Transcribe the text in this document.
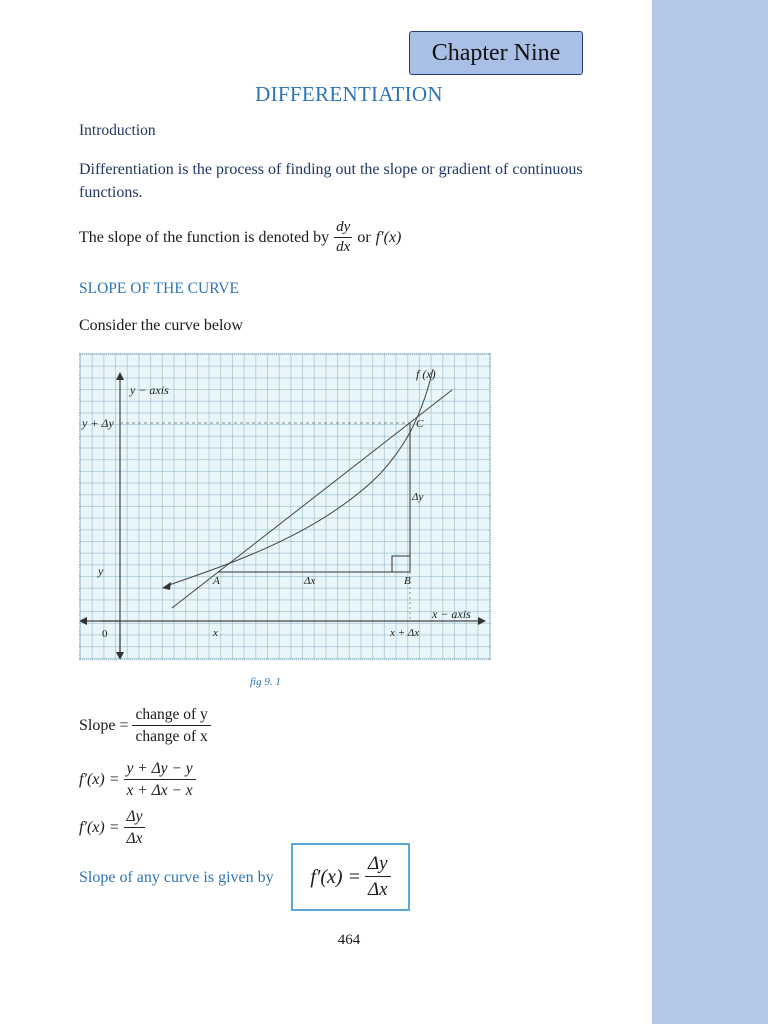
Chapter Nine
DIFFERENTIATION
Introduction
Differentiation is the process of finding out the slope or gradient of continuous functions.
The slope of the function is denoted by $\frac{dy}{dx}$ or f′(x)
SLOPE OF THE CURVE
Consider the curve below
y − axis
f (x)
y + Δy	C
Δy
y
A	Δx	B
x − axis
0	x	x + Δx
fig 9. 1
Slope = $\frac{\text{change of y}}{\text{change of x}}$
$f'(x) = \frac{y + \Delta y - y}{x + \Delta x - x}$
$f'(x) = \frac{\Delta y}{\Delta x}$
Slope of any curve is given by $f'(x) = \frac{\Delta y}{\Delta x}$
464
